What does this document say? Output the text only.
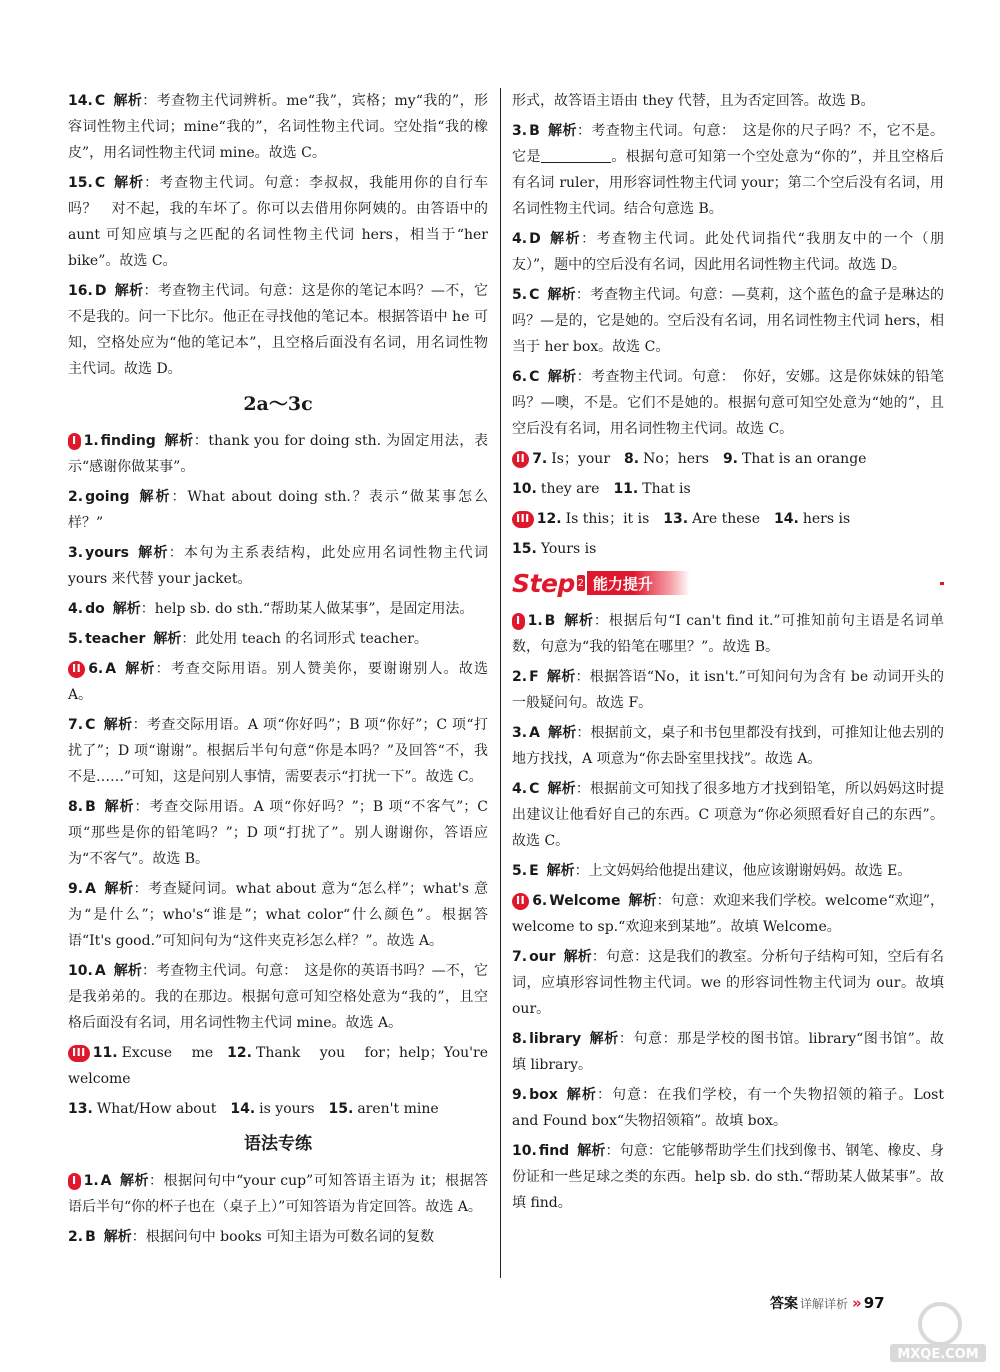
14. C 解析：考查物主代词辨析。me“我”，宾格；my“我的”，形容词性物主代词；mine“我的”，名词性物主代词。空处指“我的橡皮”，用名词性物主代词 mine。故选 C。
15. C 解析：考查物主代词。句意：李叔叔，我能用你的自行车吗？　对不起，我的车坏了。你可以去借用你阿姨的。由答语中的 aunt 可知应填与之匹配的名词性物主代词 hers，相当于“her bike”。故选 C。
16. D 解析：考查物主代词。句意：这是你的笔记本吗？—不，它不是我的。问一下比尔。他正在寻找他的笔记本。根据答语中 he 可知，空格处应为“他的笔记本”，且空格后面没有名词，用名词性物主代词。故选 D。
2a～3c
I 1. finding 解析：thank you for doing sth. 为固定用法，表示“感谢你做某事”。
2. going 解析：What about doing sth.？表示“做某事怎么样？”
3. yours 解析：本句为主系表结构，此处应用名词性物主代词 yours 来代替 your jacket。
4. do 解析：help sb. do sth.“帮助某人做某事”，是固定用法。
5. teacher 解析：此处用 teach 的名词形式 teacher。
II 6. A 解析：考查交际用语。别人赞美你，要谢谢别人。故选 A。
7. C 解析：考查交际用语。A 项“你好吗”；B 项“你好”；C 项“打扰了”；D 项“谢谢”。根据后半句句意“你是本吗？”及回答“不，我不是……”可知，这是问别人事情，需要表示“打扰一下”。故选 C。
8. B 解析：考查交际用语。A 项“你好吗？”；B 项“不客气”；C 项“那些是你的铅笔吗？”；D 项“打扰了”。别人谢谢你，答语应为“不客气”。故选 B。
9. A 解析：考查疑问词。what about 意为“怎么样”；what's 意为“是什么”；who's“谁是”；what color“什么颜色”。根据答语“It's good.”可知问句为“这件夹克衫怎么样？”。故选 A。
10. A 解析：考查物主代词。句意：　这是你的英语书吗？—不，它是我弟弟的。我的在那边。根据句意可知空格处意为“我的”，且空格后面没有名词，用名词性物主代词 mine。故选 A。
III 11. Excuse me 12. Thank you for；help；You're welcome
13. What/How about 14. is yours 15. aren't mine
语法专练
I 1. A 解析：根据问句中“your cup”可知答语主语为 it；根据答语后半句“你的杯子也在（桌子上）”可知答语为肯定回答。故选 A。
2. B 解析：根据问句中 books 可知主语为可数名词的复数
形式，故答语主语由 they 代替，且为否定回答。故选 B。
3. B 解析：考查物主代词。句意：　这是你的尺子吗？不，它不是。它是	。根据句意可知第一个空处意为“你的”，并且空格后有名词 ruler，用形容词性物主代词 your；第二个空后没有名词，用名词性物主代词。结合句意选 B。
4. D 解析：考查物主代词。此处代词指代“我朋友中的一个（朋友）”，题中的空后没有名词，因此用名词性物主代词。故选 D。
5. C 解析：考查物主代词。句意：—莫莉，这个蓝色的盒子是琳达的吗？—是的，它是她的。空后没有名词，用名词性物主代词 hers，相当于 her box。故选 C。
6. C 解析：考查物主代词。句意：　你好，安娜。这是你妹妹的铅笔吗？—噢，不是。它们不是她的。根据句意可知空处意为“她的”，且空后没有名词，用名词性物主代词。故选 C。
II 7. Is；your 8. No；hers 9. That is an orange
10. they are 11. That is
III 12. Is this；it is 13. Are these 14. hers is
15. Yours is
Step 2 能力提升
I 1. B 解析：根据后句“I can't find it.”可推知前句主语是名词单数，句意为“我的铅笔在哪里？”。故选 B。
2. F 解析：根据答语“No，it isn't.”可知问句为含有 be 动词开头的一般疑问句。故选 F。
3. A 解析：根据前文，桌子和书包里都没有找到，可推知让他去别的地方找找，A 项意为“你去卧室里找找”。故选 A。
4. C 解析：根据前文可知找了很多地方才找到铅笔，所以妈妈这时提出建议让他看好自己的东西。C 项意为“你必须照看好自己的东西”。故选 C。
5. E 解析：上文妈妈给他提出建议，他应该谢谢妈妈。故选 E。
II 6. Welcome 解析：句意：欢迎来我们学校。welcome“欢迎”，welcome to sp.“欢迎来到某地”。故填 Welcome。
7. our 解析：句意：这是我们的教室。分析句子结构可知，空后有名词，应填形容词性物主代词。we 的形容词性物主代词为 our。故填 our。
8. library 解析：句意：那是学校的图书馆。library“图书馆”。故填 library。
9. box 解析：句意：在我们学校，有一个失物招领的箱子。Lost and Found box“失物招领箱”。故填 box。
10. find 解析：句意：它能够帮助学生们找到像书、钢笔、橡皮、身份证和一些足球之类的东西。help sb. do sth.“帮助某人做某事”。故填 find。
答案 详解详析 » 97
MXQE.COM
